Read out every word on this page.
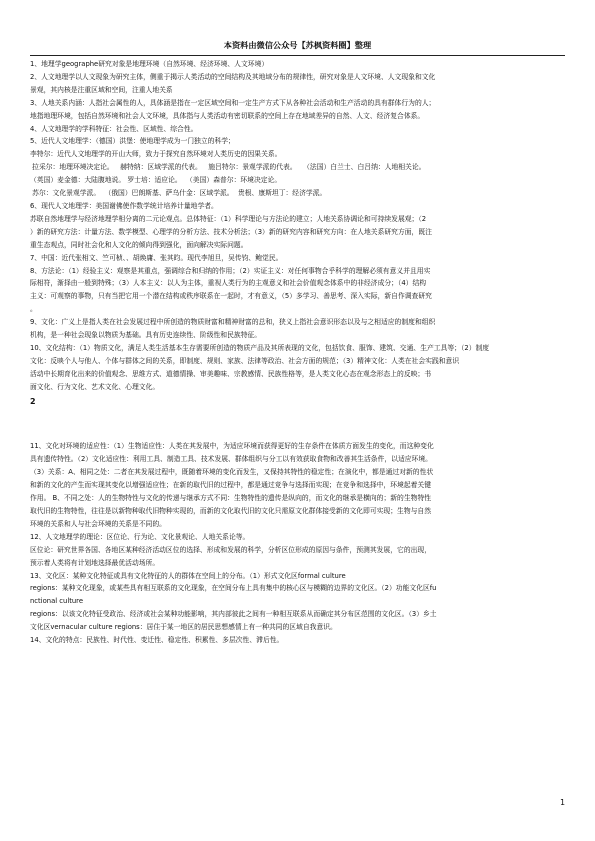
本资料由微信公众号【苏枫资料圈】整理

1、地理学geographe研究对象是地理环境（自然环境、经济环境、人文环境）

2、人文地理学以人文现象为研究主体，侧重于揭示人类活动的空间结构及其地域分布的规律性，研究对象是人文环境、人文现象和文化

景观，其内核是注重区域和空间，注重人地关系

3、人地关系内涵：人指社会属性的人，具体涵是指在一定区域空间和一定生产方式下从各种社会活动和生产活动的具有群体行为的人；

地指地理环境，包括自然环境和社会人文环境，具体指与人类活动有密切联系的空间上存在地域差异的自然、人文、经济复合体系。

4、人文地理学的学科特征：社会性、区域性、综合性。

5、近代人文地理学：（德国）洪堡：使地理学成为一门独立的科学；

李特尔：近代人文地理学的开山大师，致力于探究自然环境对人类历史的因果关系。

拉采尔：地理环境决定论。   赫特纳：区域学派的代表。   施吕特尔：景观学派的代表。   （法国）白兰士、白吕纳：人地相关论。

（英国）麦金德：大陆腹地说。 罗士培：适应论。  （美国）森普尔：环境决定论。

苏尔：文化景观学派。  （俄国）巴朗斯基、萨乌什金：区域学派。  贵根、康斯坦丁：经济学派。

6、现代人文地理学：美国谢佛使作数学统计培养计量地学者。

苏联自然地理学与经济地理学相分离的二元论观点。总体特征：（1）科学理论与方法论的建立；人地关系协调论和可持续发展观；（2

）新的研究方法：计量方法、数学模型、心理学的分析方法、技术分析法；（3）新的研究内容和研究方向：在人地关系研究方面，既注

重生态观点，同时社会化和人文化的倾向得到强化，面向解决实际问题。

7、中国：近代张相文、竺可桢、、胡焕庸、张其昀。现代李旭旦，吴传钧、鲍觉民。

8、方法论：（1）经验主义：观察是其重点，强调综合和归纳的作用；（2）实证主义：对任何事物合乎科学的理解必须有意义并且用实

际相符，渐择由一般到特殊；（3）人本主义：以人为主体，重视人类行为的主观意义和社会价值观念体系中的非经济成分；（4）结构

主义：可观察的事物，只有当把它用一个潜在结构或秩序联系在一起时，才有意义，（5）多学习、善思考、深入实际，新自作调查研究

。

9、文化：广义上是指人类在社会发展过程中所创造的物质财富和精神财富的总和，狭义上指社会意识形态以及与之相适应的制度和组织

机构，是一种社会现象以物质为基础。具有历史连续性、阶级性和民族特征。

10、文化结构：（1）物质文化，满足人类生活基本生存需要所创造的物质产品及其所表现的文化，包括饮食、服饰、建筑、交通、生产工具等；（2）制度

文化：反映个人与他人、个体与群体之间的关系，即制度、规则、家族、法律等政治、社会方面的规范；（3）精神文化：人类在社会实践和意识

活动中长期育化出来的价值观念、思维方式、道德情操、审美趣味、宗教感情、民族性格等，是人类文化心态在观念形态上的反映；书

面文化、行为文化、艺术文化、心理文化。

2

11、文化对环境的适应性：（1）生物适应性：人类在其发展中，为适应环境而获得更好的生存条件在体质方面发生的变化，而这种变化

具有遗传特性。（2）文化适应性：利用工具、制造工具、技术发展、群体组织与分工以有效获取食物和改善其生活条件，以适应环境。

（3）关系：A、相同之处：二者在其发展过程中，既随着环境的变化而发生，又保持其特性的稳定性；在演化中，都是通过对新的性状

和新的文化的产生而实现其变化以增强适应性；在新的取代旧的过程中，都是通过竞争与选择而实现；在竞争和选择中，环境起着关键

作用。 B、不同之处：人的生物特性与文化的传递与继承方式不同：生物特性的遗传是纵向的，而文化的继承是横向的；新的生物特性

取代旧的生物特性，往往是以新物种取代旧物种实现的，而新的文化取代旧的文化只需原文化群体接受新的文化即可实现；生物与自然

环境的关系和人与社会环境的关系是不同的。

12、人文地理学的理论：区位论、行为论、文化景观论、人地关系论等。

区位论：研究世界各国、各地区某种经济活动区位的选择、形成和发展的科学，分析区位形成的原因与条件，预测其发展，它的出现，

预示着人类将有计划地选择最优活动场所。

13、文化区：某种文化特征或具有文化特征的人的群体在空间上的分布。（1）形式文化区formal culture

regions：某种文化现象，或某些具有相互联系的文化现象，在空间分布上具有集中的核心区与模糊的边界的文化区。（2）功能文化区fu

nctional culture

regions：以该文化特征受政治、经济或社会某种功能影响，其内部彼此之间有一种相互联系从而确定其分布区范围的文化区。（3）乡土

文化区vernacular culture regions：居住于某一地区的居民思想感情上有一种共同的区域自我意识。

14、文化的特点：民族性、时代性、变迁性、稳定性、积累性、多层次性、滞后性。

1
